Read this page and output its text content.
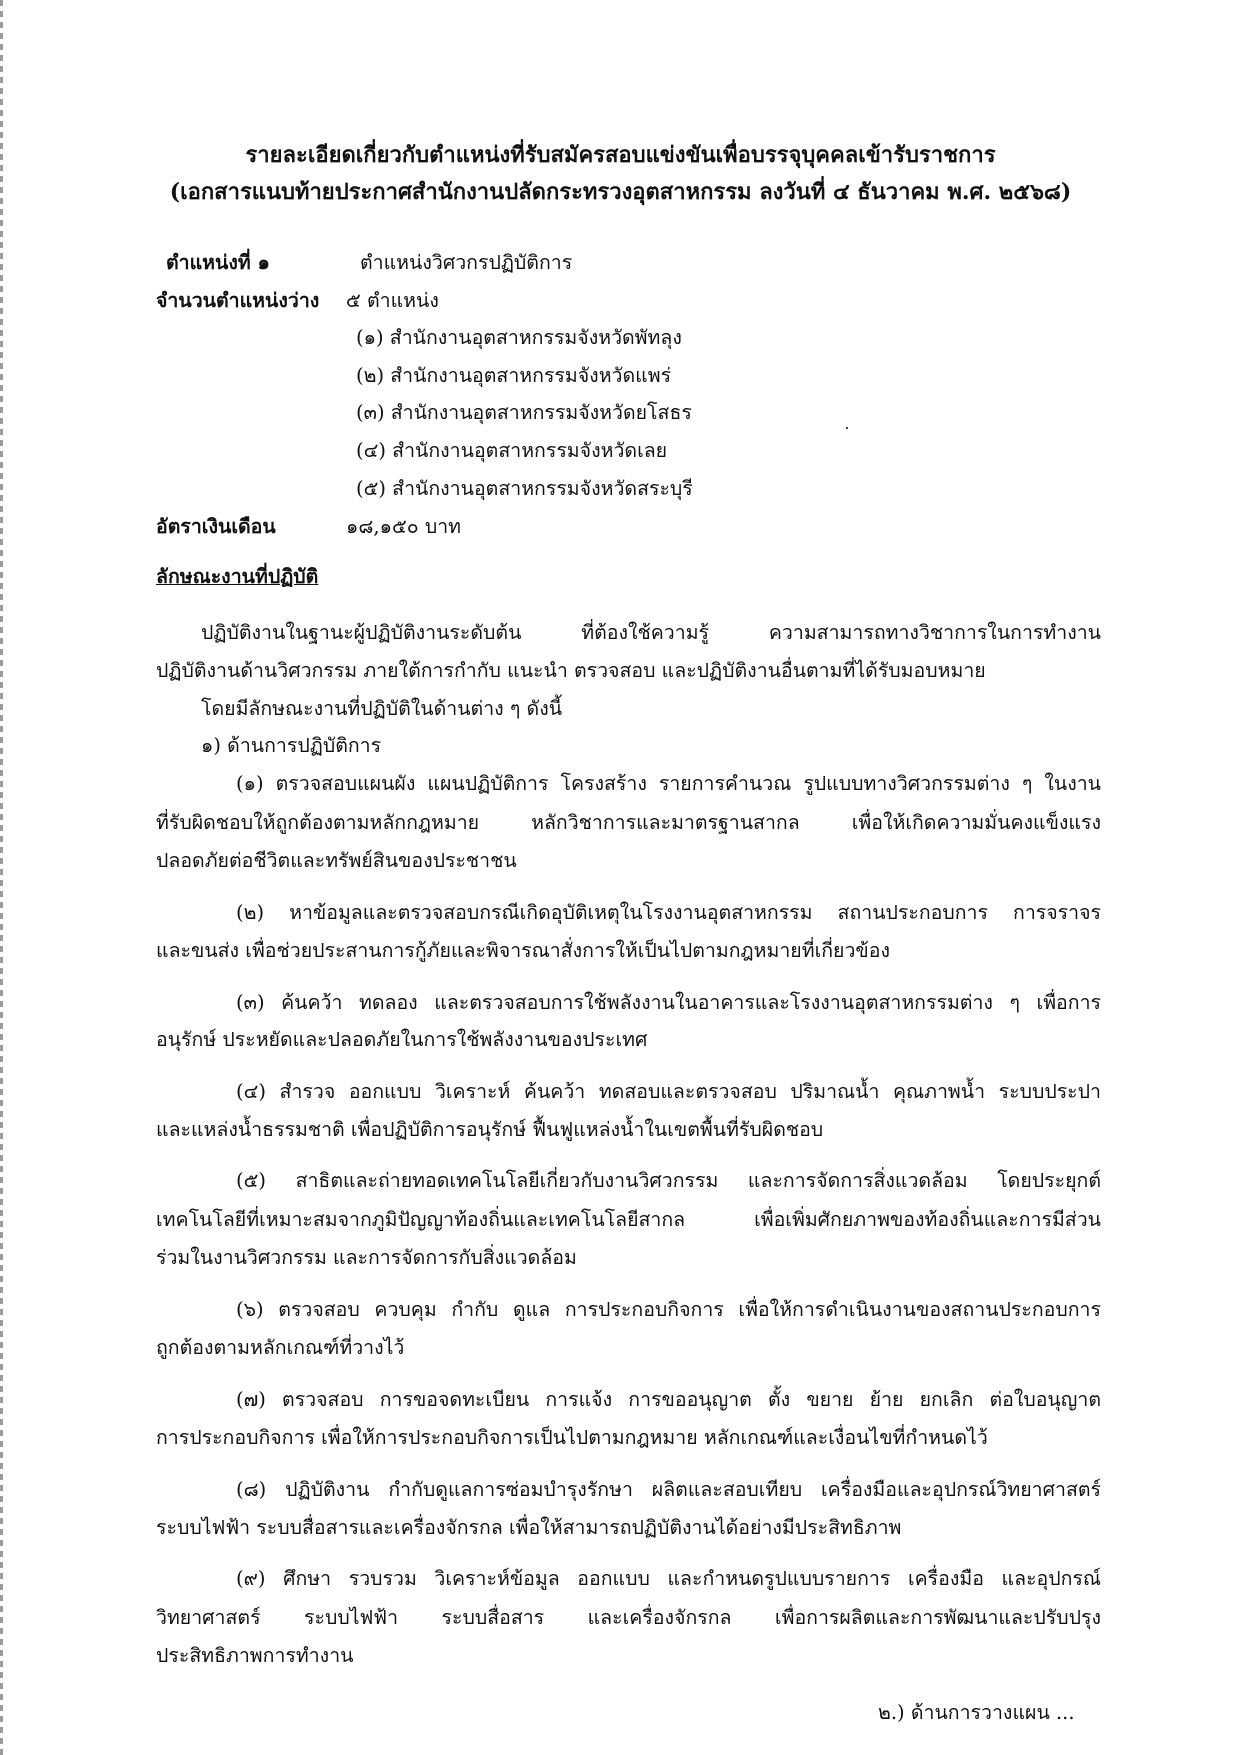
รายละเอียดเกี่ยวกับตำแหน่งที่รับสมัครสอบแข่งขันเพื่อบรรจุบุคคลเข้ารับราชการ
(เอกสารแนบท้ายประกาศสำนักงานปลัดกระทรวงอุตสาหกรรม ลงวันที่ ๔ ธันวาคม พ.ศ. ๒๕๖๘)
ตำแหน่งที่ ๑	ตำแหน่งวิศวกรปฏิบัติการ
จำนวนตำแหน่งว่าง ๕ ตำแหน่ง
(๑) สำนักงานอุตสาหกรรมจังหวัดพัทลุง
(๒) สำนักงานอุตสาหกรรมจังหวัดแพร่
(๓) สำนักงานอุตสาหกรรมจังหวัดยโสธร
(๔) สำนักงานอุตสาหกรรมจังหวัดเลย
(๕) สำนักงานอุตสาหกรรมจังหวัดสระบุรี
อัตราเงินเดือน	๑๘,๑๕๐ บาท
ลักษณะงานที่ปฏิบัติ
ปฏิบัติงานในฐานะผู้ปฏิบัติงานระดับต้น ที่ต้องใช้ความรู้ ความสามารถทางวิชาการในการทำงาน
ปฏิบัติงานด้านวิศวกรรม ภายใต้การกำกับ แนะนำ ตรวจสอบ และปฏิบัติงานอื่นตามที่ได้รับมอบหมาย
โดยมีลักษณะงานที่ปฏิบัติในด้านต่าง ๆ ดังนี้
๑) ด้านการปฏิบัติการ
(๑) ตรวจสอบแผนผัง แผนปฏิบัติการ โครงสร้าง รายการคำนวณ รูปแบบทางวิศวกรรมต่าง ๆ ในงาน
ที่รับผิดชอบให้ถูกต้องตามหลักกฎหมาย หลักวิชาการและมาตรฐานสากล เพื่อให้เกิดความมั่นคงแข็งแรง
ปลอดภัยต่อชีวิตและทรัพย์สินของประชาชน
(๒) หาข้อมูลและตรวจสอบกรณีเกิดอุบัติเหตุในโรงงานอุตสาหกรรม สถานประกอบการ การจราจร
และขนส่ง เพื่อช่วยประสานการกู้ภัยและพิจารณาสั่งการให้เป็นไปตามกฎหมายที่เกี่ยวข้อง
(๓) ค้นคว้า ทดลอง และตรวจสอบการใช้พลังงานในอาคารและโรงงานอุตสาหกรรมต่าง ๆ เพื่อการ
อนุรักษ์ ประหยัดและปลอดภัยในการใช้พลังงานของประเทศ
(๔) สำรวจ ออกแบบ วิเคราะห์ ค้นคว้า ทดสอบและตรวจสอบ ปริมาณน้ำ คุณภาพน้ำ ระบบประปา
และแหล่งน้ำธรรมชาติ เพื่อปฏิบัติการอนุรักษ์ ฟื้นฟูแหล่งน้ำในเขตพื้นที่รับผิดชอบ
(๕) สาธิตและถ่ายทอดเทคโนโลยีเกี่ยวกับงานวิศวกรรม และการจัดการสิ่งแวดล้อม โดยประยุกต์
เทคโนโลยีที่เหมาะสมจากภูมิปัญญาท้องถิ่นและเทคโนโลยีสากล เพื่อเพิ่มศักยภาพของท้องถิ่นและการมีส่วน
ร่วมในงานวิศวกรรม และการจัดการกับสิ่งแวดล้อม
(๖) ตรวจสอบ ควบคุม กำกับ ดูแล การประกอบกิจการ เพื่อให้การดำเนินงานของสถานประกอบการ
ถูกต้องตามหลักเกณฑ์ที่วางไว้
(๗) ตรวจสอบ การขอจดทะเบียน การแจ้ง การขออนุญาต ตั้ง ขยาย ย้าย ยกเลิก ต่อใบอนุญาต
การประกอบกิจการ เพื่อให้การประกอบกิจการเป็นไปตามกฎหมาย หลักเกณฑ์และเงื่อนไขที่กำหนดไว้
(๘) ปฏิบัติงาน กำกับดูแลการซ่อมบำรุงรักษา ผลิตและสอบเทียบ เครื่องมือและอุปกรณ์วิทยาศาสตร์
ระบบไฟฟ้า ระบบสื่อสารและเครื่องจักรกล เพื่อให้สามารถปฏิบัติงานได้อย่างมีประสิทธิภาพ
(๙) ศึกษา รวบรวม วิเคราะห์ข้อมูล ออกแบบ และกำหนดรูปแบบรายการ เครื่องมือ และอุปกรณ์
วิทยาศาสตร์ ระบบไฟฟ้า ระบบสื่อสาร และเครื่องจักรกล เพื่อการผลิตและการพัฒนาและปรับปรุง
ประสิทธิภาพการทำงาน
๒.) ด้านการวางแผน ...
